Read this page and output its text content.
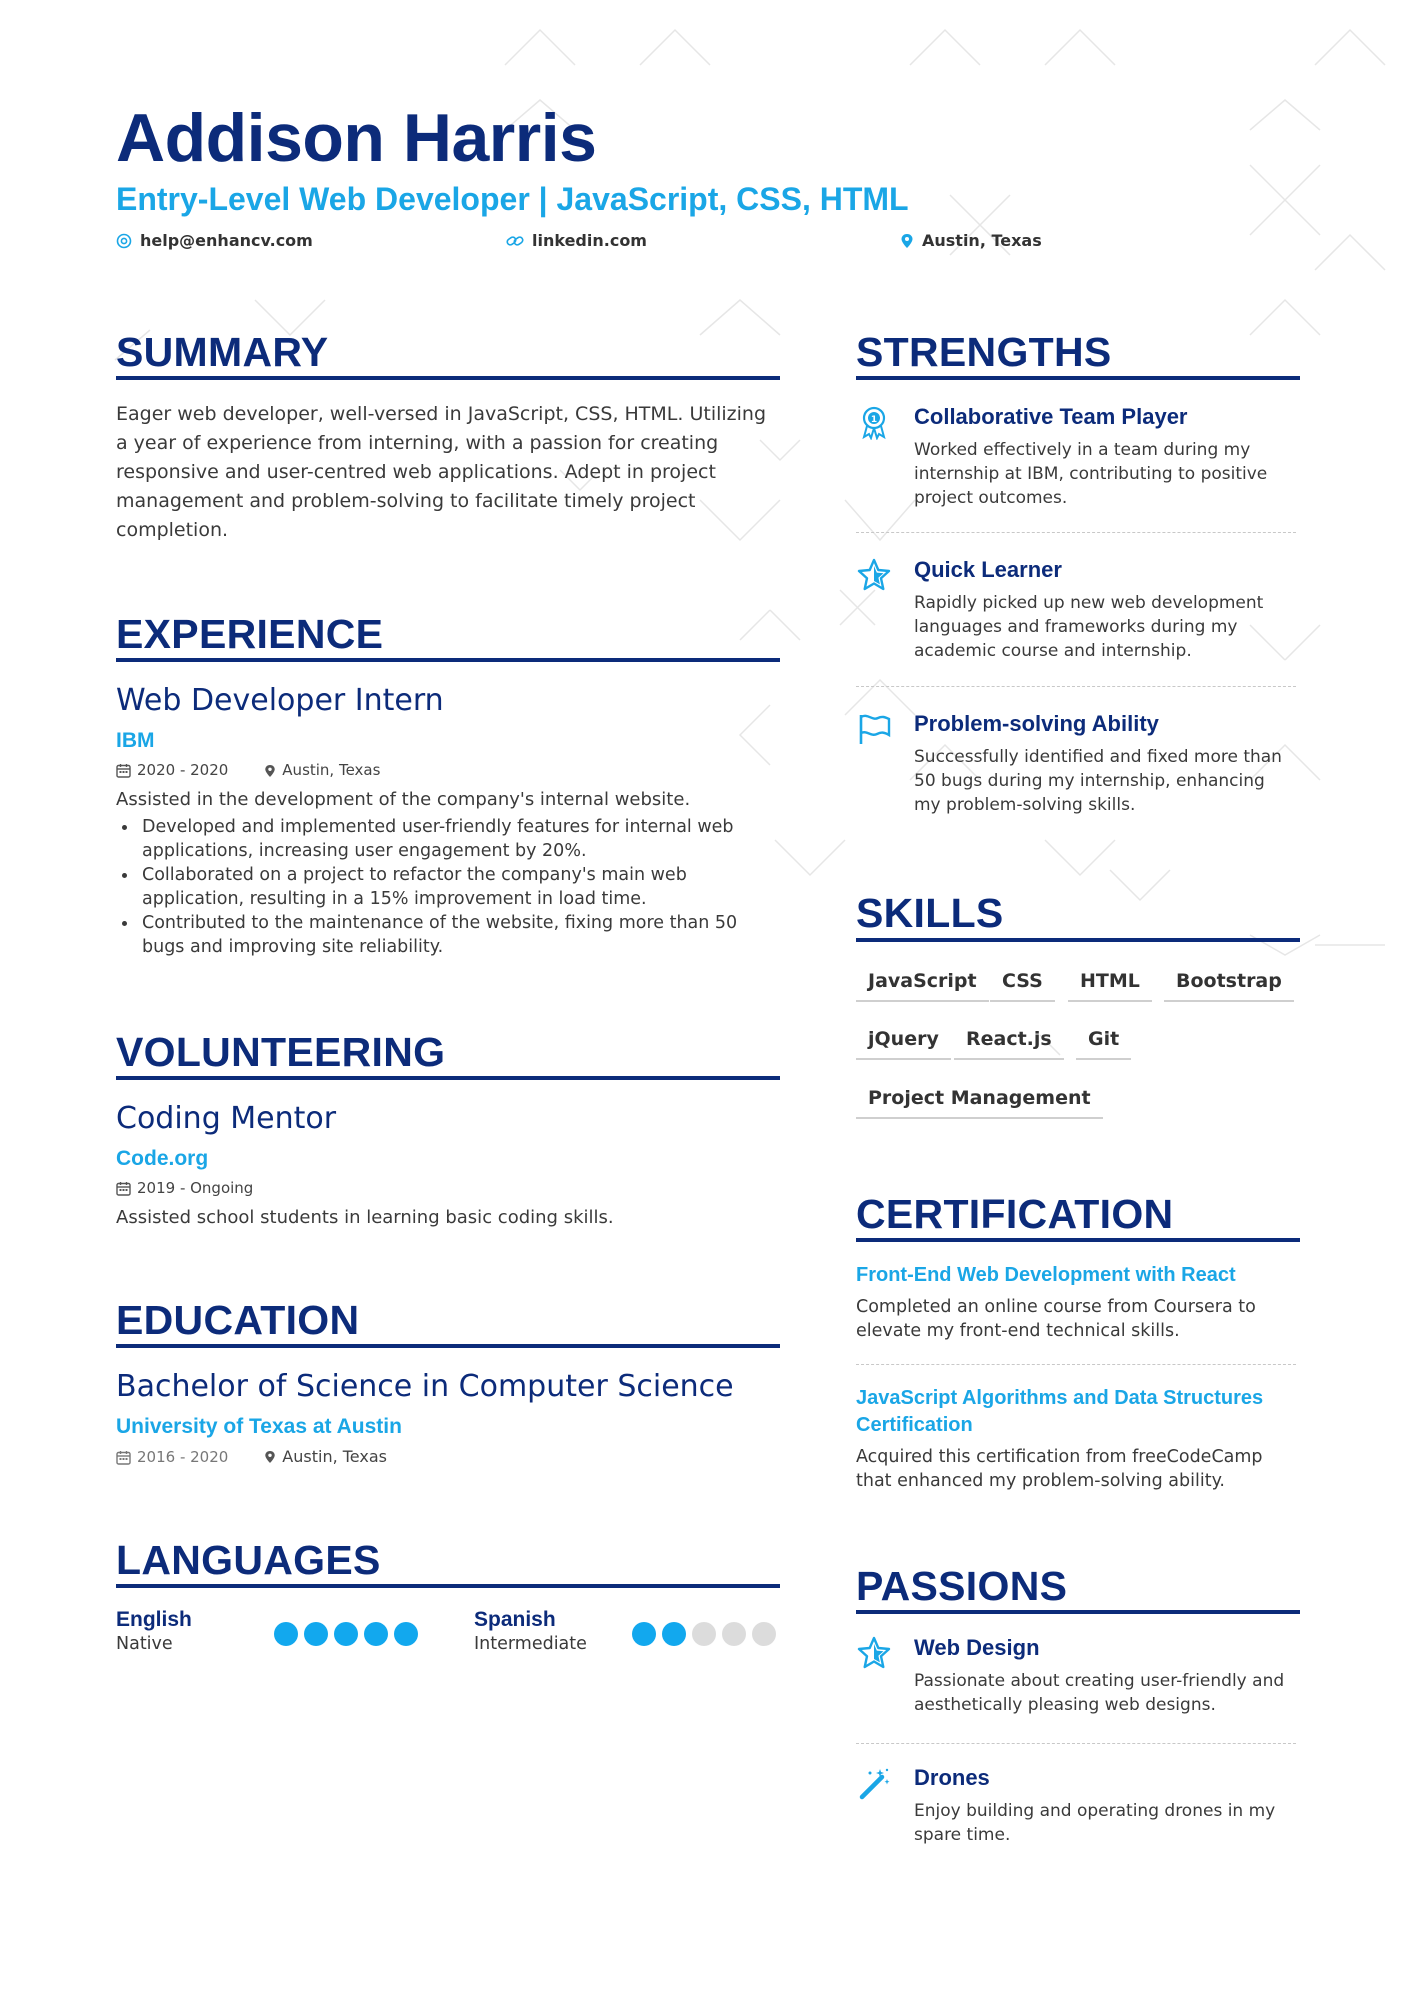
Addison Harris
Entry-Level Web Developer | JavaScript, CSS, HTML
help@enhancv.com	linkedin.com	Austin, Texas
SUMMARY
Eager web developer, well-versed in JavaScript, CSS, HTML. Utilizing a year of experience from interning, with a passion for creating responsive and user-centred web applications. Adept in project management and problem-solving to facilitate timely project completion.
EXPERIENCE
Web Developer Intern
IBM
2020 - 2020	Austin, Texas
Assisted in the development of the company's internal website.
Developed and implemented user-friendly features for internal web applications, increasing user engagement by 20%.
Collaborated on a project to refactor the company's main web application, resulting in a 15% improvement in load time.
Contributed to the maintenance of the website, fixing more than 50 bugs and improving site reliability.
VOLUNTEERING
Coding Mentor
Code.org
2019 - Ongoing
Assisted school students in learning basic coding skills.
EDUCATION
Bachelor of Science in Computer Science
University of Texas at Austin
2016 - 2020	Austin, Texas
LANGUAGES
English
Native
Spanish
Intermediate
STRENGTHS
1 Collaborative Team Player
Worked effectively in a team during my internship at IBM, contributing to positive project outcomes.
Quick Learner
Rapidly picked up new web development languages and frameworks during my academic course and internship.
Problem-solving Ability
Successfully identified and fixed more than 50 bugs during my internship, enhancing my problem-solving skills.
SKILLS
JavaScript	CSS	HTML	Bootstrap
jQuery	React.js	Git
Project Management
CERTIFICATION
Front-End Web Development with React
Completed an online course from Coursera to elevate my front-end technical skills.
JavaScript Algorithms and Data Structures Certification
Acquired this certification from freeCodeCamp that enhanced my problem-solving ability.
PASSIONS
Web Design
Passionate about creating user-friendly and aesthetically pleasing web designs.
Drones
Enjoy building and operating drones in my spare time.
